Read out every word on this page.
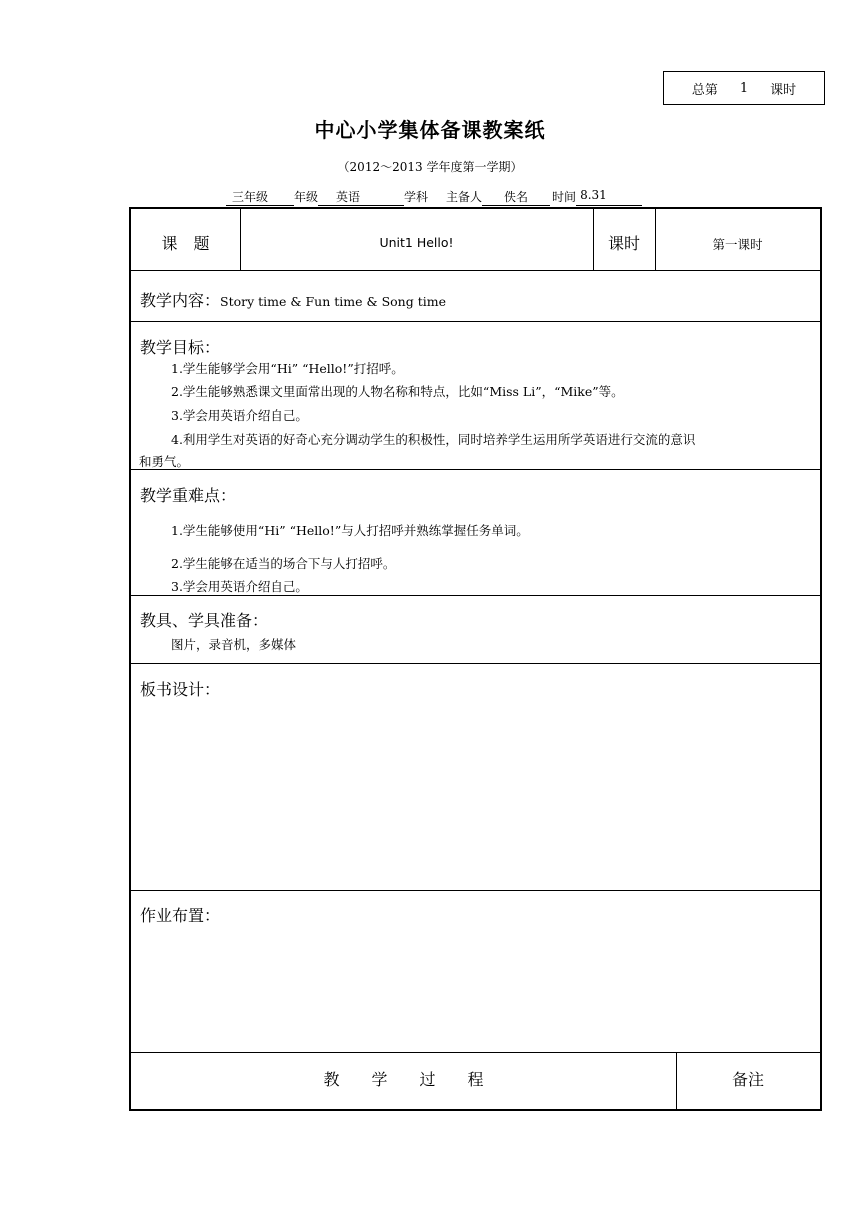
总第 1 课时
中心小学集体备课教案纸
（2012～2013 学年度第一学期）
三年级	年级	英语	学科 主备人	佚名	时间 8.31
课　题	Unit1 Hello!	课时	第一课时
教学内容：Story time & Fun time & Song time
教学目标：
1.学生能够学会用“Hi” “Hello!”打招呼。
2.学生能够熟悉课文里面常出现的人物名称和特点，比如“Miss Li”，“Mike”等。
3.学会用英语介绍自己。
4.利用学生对英语的好奇心充分调动学生的积极性，同时培养学生运用所学英语进行交流的意识
和勇气。
教学重难点：
1.学生能够使用“Hi” “Hello!”与人打招呼并熟练掌握任务单词。
2.学生能够在适当的场合下与人打招呼。
3.学会用英语介绍自己。
教具、学具准备：
图片，录音机，多媒体
板书设计：
作业布置：
教　　学　　过　　程	备注
